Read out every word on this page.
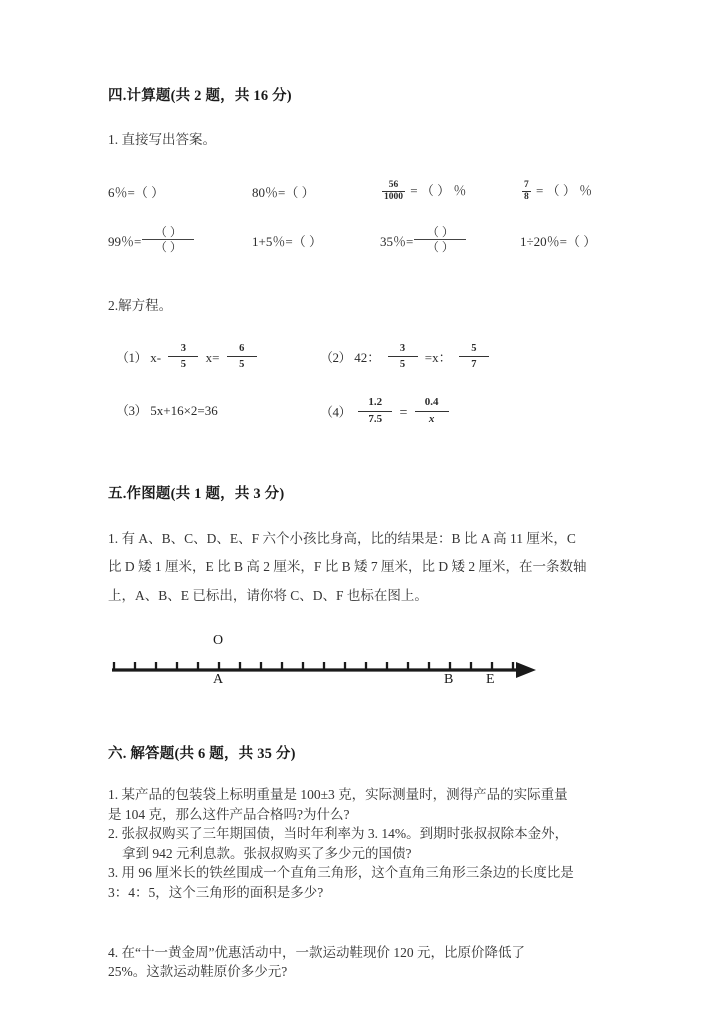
四.计算题(共 2 题，共 16 分)
1. 直接写出答案。
6％=（ ）	80％=（ ）	$\frac{56}{1000}$ = （ ） ％	$\frac{7}{8}$ = （ ） ％
99％= $\frac{( )}{( )}$	1+5％=（ ）	35％= $\frac{( )}{( )}$	1÷20％=（ ）
2.解方程。
（1） $x- \frac{3}{5} x= \frac{6}{5}$	（2） 42： $\frac{3}{5} =x$： $\frac{5}{7}$
（3） 5x+16×2=36	$(4) \frac{1.2}{7.5} = \frac{0.4}{x}$
五.作图题(共 1 题，共 3 分)
1. 有 A、B、C、D、E、F 六个小孩比身高，比的结果是：B 比 A 高 11 厘米，C
比 D 矮 1 厘米，E 比 B 高 2 厘米，F 比 B 矮 7 厘米，比 D 矮 2 厘米，在一条数轴
上，A、B、E 已标出，请你将 C、D、F 也标在图上。
O
A	B E
六. 解答题(共 6 题，共 35 分)
1. 某产品的包装袋上标明重量是 100±3 克，实际测量时，测得产品的实际重量
是 104 克，那么这件产品合格吗?为什么?
2. 张叔叔购买了三年期国债，当时年利率为 3. 14%。到期时张叔叔除本金外，
拿到 942 元利息款。张叔叔购买了多少元的国债?
3. 用 96 厘米长的铁丝围成一个直角三角形，这个直角三角形三条边的长度比是
3：4：5，这个三角形的面积是多少?
4. 在“十一黄金周”优惠活动中，一款运动鞋现价 120 元，比原价降低了
25%。这款运动鞋原价多少元?
